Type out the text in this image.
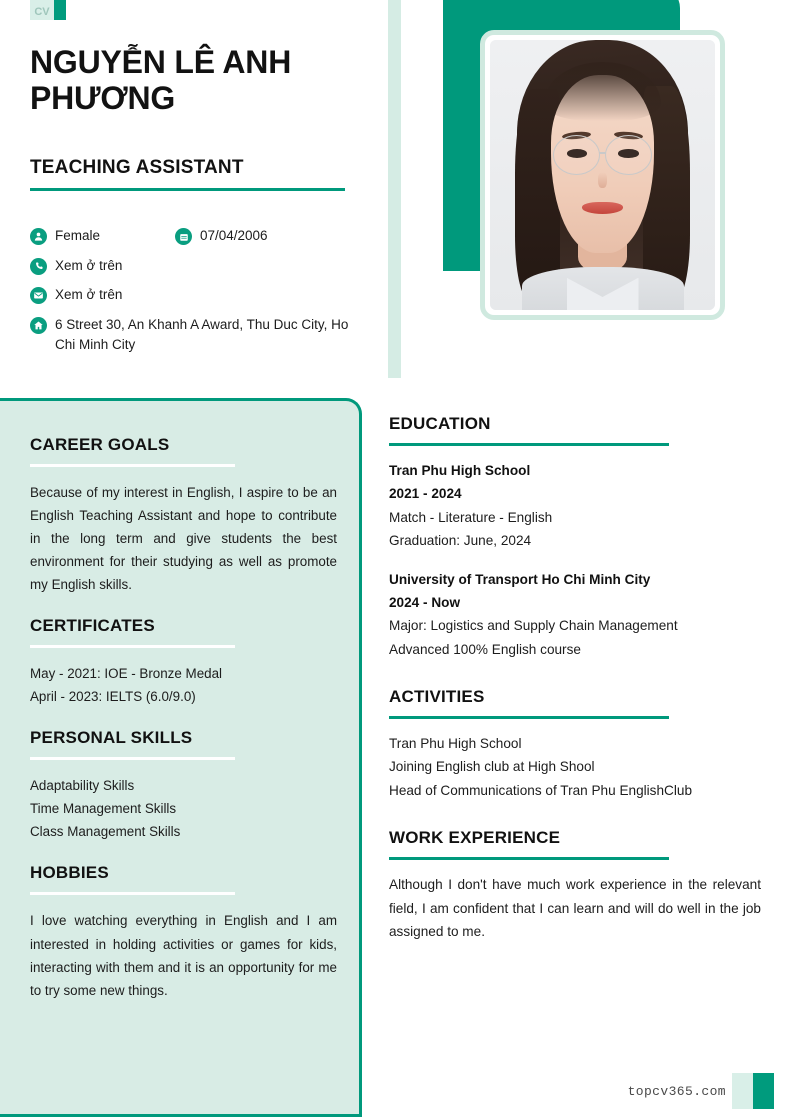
CV
NGUYỄN LÊ ANH PHƯƠNG
TEACHING ASSISTANT
Female	07/04/2006
Xem ở trên
Xem ở trên
6 Street 30, An Khanh A Award, Thu Duc City, Ho Chi Minh City
CAREER GOALS
Because of my interest in English, I aspire to be an English Teaching Assistant and hope to contribute in the long term and give students the best environment for their studying as well as promote my English skills.
CERTIFICATES
May - 2021: IOE - Bronze Medal
April - 2023: IELTS (6.0/9.0)
PERSONAL SKILLS
Adaptability Skills
Time Management Skills
Class Management Skills
HOBBIES
I love watching everything in English and I am interested in holding activities or games for kids, interacting with them and it is an opportunity for me to try some new things.
EDUCATION
Tran Phu High School
2021 - 2024
Match - Literature - English
Graduation: June, 2024
University of Transport Ho Chi Minh City
2024 - Now
Major: Logistics and Supply Chain Management
Advanced 100% English course
ACTIVITIES
Tran Phu High School
Joining English club at High Shool
Head of Communications of Tran Phu EnglishClub
WORK EXPERIENCE
Although I don't have much work experience in the relevant field, I am confident that I can learn and will do well in the job assigned to me.
topcv365.com
